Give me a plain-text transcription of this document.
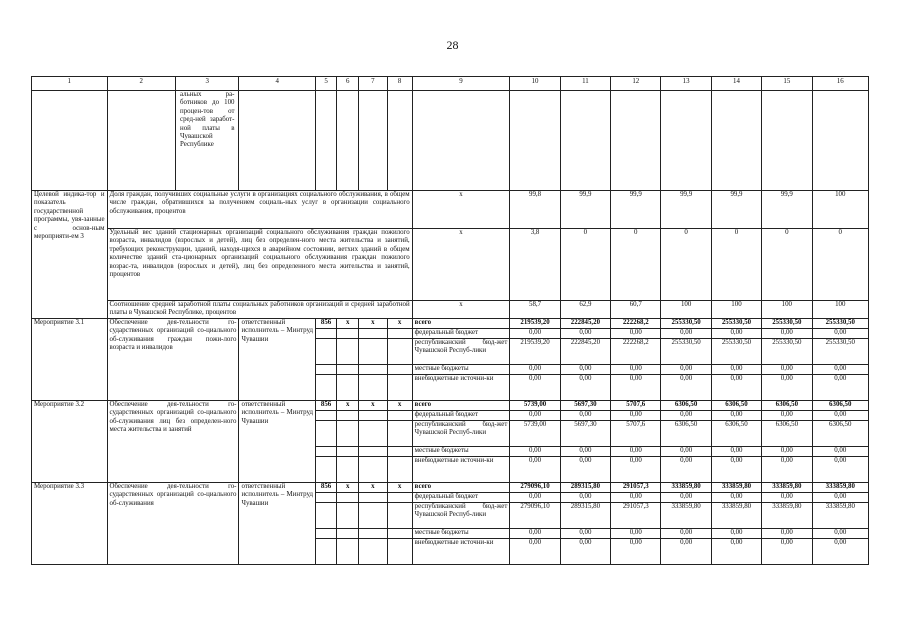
28
1	2	3	4	5	6	7	8	9	10	11	12	13	14	15	16
		альных ра-ботников до 100 процен-тов от сред-ней заработ-ной платы в Чувашской Республике													
Целевой индика-тор и показатель государственной программы, увя-занные с основ-ным мероприяти-ем 3	Доля граждан, получивших социальные услуги в организациях социального обслуживания, в общем числе граждан, обратившихся за получением социаль-ных услуг в организации социального обслуживания, процентов							x	99,8	99,9	99,9	99,9	99,9	99,9	100
	Удельный вес зданий стационарных организаций социального обслуживания граждан пожилого возраста, инвалидов (взрослых и детей), лиц без определен-ного места жительства и занятий, требующих реконструкции, зданий, находя-щихся в аварийном состоянии, ветхих зданий в общем количестве зданий ста-ционарных организаций социального обслуживания граждан пожилого возрас-та, инвалидов (взрослых и детей), лиц без определенного места жительства и занятий, процентов							x	3,8	0	0	0	0	0	0
	Соотношение средней заработной платы социальных работников организаций и средней заработной платы в Чувашской Республике, процентов							x	58,7	62,9	60,7	100	100	100	100
Мероприятие 3.1	Обеспечение дея-тельности го-сударственных организаций со-циального об-служивания граждан пожи-лого возраста и инвалидов		ответственный исполнитель – Минтруд Чувашии	856	x	x	x	всего	219539,20	222845,20	222268,2	255330,50	255330,50	255330,50	255330,50
								федеральный бюджет	0,00	0,00	0,00	0,00	0,00	0,00	0,00
								республиканский бюд-жет Чувашской Респуб-лики	219539,20	222845,20	222268,2	255330,50	255330,50	255330,50	255330,50
								местные бюджеты	0,00	0,00	0,00	0,00	0,00	0,00	0,00
								внебюджетные источни-ки	0,00	0,00	0,00	0,00	0,00	0,00	0,00
Мероприятие 3.2	Обеспечение дея-тельности го-сударственных организаций со-циального об-служивания лиц без определен-ного места жительства и занятий		ответственный исполнитель – Минтруд Чувашии	856	x	x	x	всего	5739,00	5697,30	5707,6	6306,50	6306,50	6306,50	6306,50
								федеральный бюджет	0,00	0,00	0,00	0,00	0,00	0,00	0,00
								республиканский бюд-жет Чувашской Респуб-лики	5739,00	5697,30	5707,6	6306,50	6306,50	6306,50	6306,50
								местные бюджеты	0,00	0,00	0,00	0,00	0,00	0,00	0,00
								внебюджетные источни-ки	0,00	0,00	0,00	0,00	0,00	0,00	0,00
Мероприятие 3.3	Обеспечение дея-тельности го-сударственных организаций со-циального об-служивания		ответственный исполнитель – Минтруд Чувашии	856	x	x	x	всего	279096,10	289315,80	291057,3	333859,80	333859,80	333859,80	333859,80
								федеральный бюджет	0,00	0,00	0,00	0,00	0,00	0,00	0,00
								республиканский бюд-жет Чувашской Респуб-лики	279096,10	289315,80	291057,3	333859,80	333859,80	333859,80	333859,80
								местные бюджеты	0,00	0,00	0,00	0,00	0,00	0,00	0,00
								внебюджетные источни-ки	0,00	0,00	0,00	0,00	0,00	0,00	0,00
